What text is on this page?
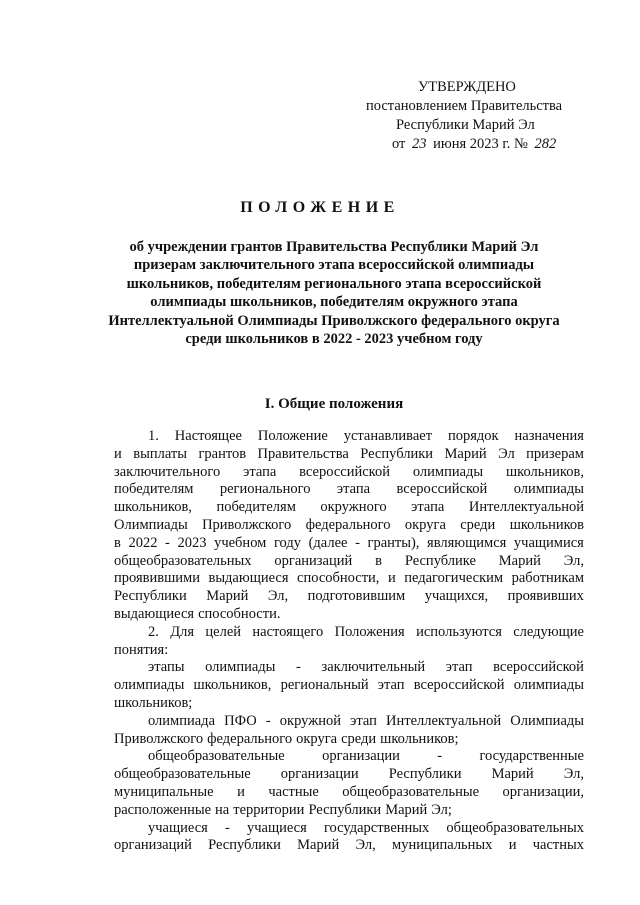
УТВЕРЖДЕНО
постановлением Правительства
Республики Марий Эл
от 23 июня 2023 г. № 282
ПОЛОЖЕНИЕ
об учреждении грантов Правительства Республики Марий Эл
призерам заключительного этапа всероссийской олимпиады
школьников, победителям регионального этапа всероссийской
олимпиады школьников, победителям окружного этапа
Интеллектуальной Олимпиады Приволжского федерального округа
среди школьников в 2022 - 2023 учебном году
I. Общие положения
1. Настоящее Положение устанавливает порядок назначения
и выплаты грантов Правительства Республики Марий Эл призерам
заключительного этапа всероссийской олимпиады школьников,
победителям регионального этапа всероссийской олимпиады
школьников, победителям окружного этапа Интеллектуальной
Олимпиады Приволжского федерального округа среди школьников
в 2022 - 2023 учебном году (далее - гранты), являющимся учащимися
общеобразовательных организаций в Республике Марий Эл,
проявившими выдающиеся способности, и педагогическим работникам
Республики Марий Эл, подготовившим учащихся, проявивших
выдающиеся способности.
2. Для целей настоящего Положения используются следующие
понятия:
этапы олимпиады - заключительный этап всероссийской
олимпиады школьников, региональный этап всероссийской олимпиады
школьников;
олимпиада ПФО - окружной этап Интеллектуальной Олимпиады
Приволжского федерального округа среди школьников;
общеобразовательные	организации	-	государственные
общеобразовательные организации Республики Марий Эл,
муниципальные и частные общеобразовательные организации,
расположенные на территории Республики Марий Эл;
учащиеся - учащиеся государственных общеобразовательных
организаций Республики Марий Эл, муниципальных и частных
